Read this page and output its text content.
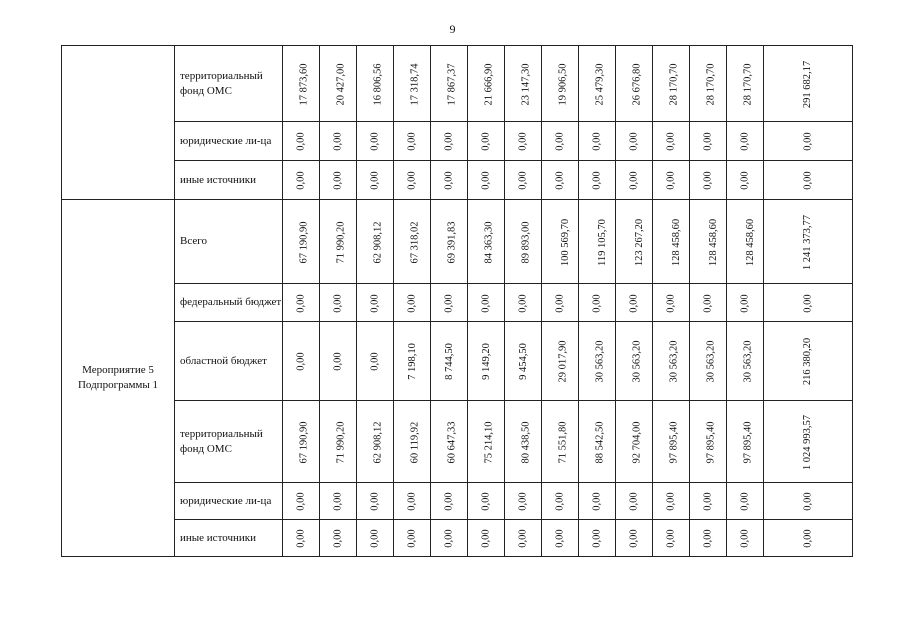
9
	территориальный фонд ОМС	17 873,60	20 427,00	16 806,56	17 318,74	17 867,37	21 666,90	23 147,30	19 906,50	25 479,30	26 676,80	28 170,70	28 170,70	28 170,70	291 682,17
	юридические ли-ца	0,00	0,00	0,00	0,00	0,00	0,00	0,00	0,00	0,00	0,00	0,00	0,00	0,00	0,00
	иные источники	0,00	0,00	0,00	0,00	0,00	0,00	0,00	0,00	0,00	0,00	0,00	0,00	0,00	0,00
Мероприятие 5 Подпрограммы 1	Всего	67 190,90	71 990,20	62 908,12	67 318,02	69 391,83	84 363,30	89 893,00	100 569,70	119 105,70	123 267,20	128 458,60	128 458,60	128 458,60	1 241 373,77
	федеральный бюджет	0,00	0,00	0,00	0,00	0,00	0,00	0,00	0,00	0,00	0,00	0,00	0,00	0,00	0,00
	областной бюджет	0,00	0,00	0,00	7 198,10	8 744,50	9 149,20	9 454,50	29 017,90	30 563,20	30 563,20	30 563,20	30 563,20	30 563,20	216 380,20
	территориальный фонд ОМС	67 190,90	71 990,20	62 908,12	60 119,92	60 647,33	75 214,10	80 438,50	71 551,80	88 542,50	92 704,00	97 895,40	97 895,40	97 895,40	1 024 993,57
	юридические ли-ца	0,00	0,00	0,00	0,00	0,00	0,00	0,00	0,00	0,00	0,00	0,00	0,00	0,00	0,00
	иные источники	0,00	0,00	0,00	0,00	0,00	0,00	0,00	0,00	0,00	0,00	0,00	0,00	0,00	0,00
